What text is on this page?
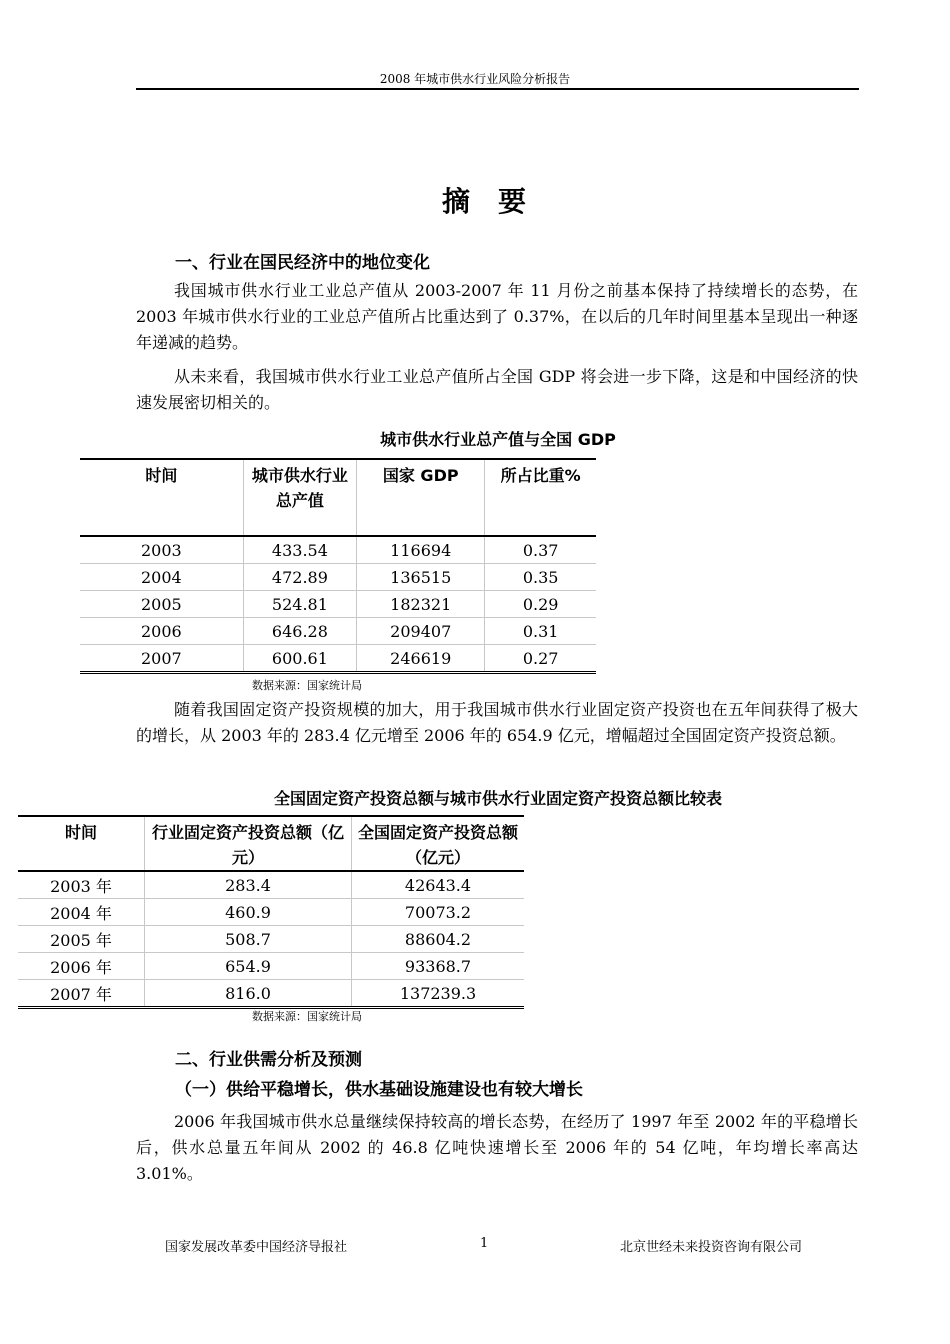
2008 年城市供水行业风险分析报告
摘要
一、行业在国民经济中的地位变化

我国城市供水行业工业总产值从 2003-2007 年 11 月份之前基本保持了持续增长的态势，在 2003 年城市供水行业的工业总产值所占比重达到了 0.37%，在以后的几年时间里基本呈现出一种逐年递减的趋势。

从未来看，我国城市供水行业工业总产值所占全国 GDP 将会进一步下降，这是和中国经济的快速发展密切相关的。

城市供水行业总产值与全国 GDP
时间	城市供水行业总产值	国家 GDP	所占比重%
2003	433.54	116694	0.37
2004	472.89	136515	0.35
2005	524.81	182321	0.29
2006	646.28	209407	0.31
2007	600.61	246619	0.27
数据来源：国家统计局

随着我国固定资产投资规模的加大，用于我国城市供水行业固定资产投资也在五年间获得了极大的增长，从 2003 年的 283.4 亿元增至 2006 年的 654.9 亿元，增幅超过全国固定资产投资总额。

全国固定资产投资总额与城市供水行业固定资产投资总额比较表
时间	行业固定资产投资总额（亿元）	全国固定资产投资总额（亿元）
2003 年	283.4	42643.4
2004 年	460.9	70073.2
2005 年	508.7	88604.2
2006 年	654.9	93368.7
2007 年	816.0	137239.3
数据来源：国家统计局
二、行业供需分析及预测
（一）供给平稳增长，供水基础设施建设也有较大增长

2006 年我国城市供水总量继续保持较高的增长态势，在经历了 1997 年至 2002 年的平稳增长后，供水总量五年间从 2002 的 46.8 亿吨快速增长至 2006 年的 54 亿吨，年均增长率高达 3.01%。

国家发展改革委中国经济导报社	1	北京世经未来投资咨询有限公司
